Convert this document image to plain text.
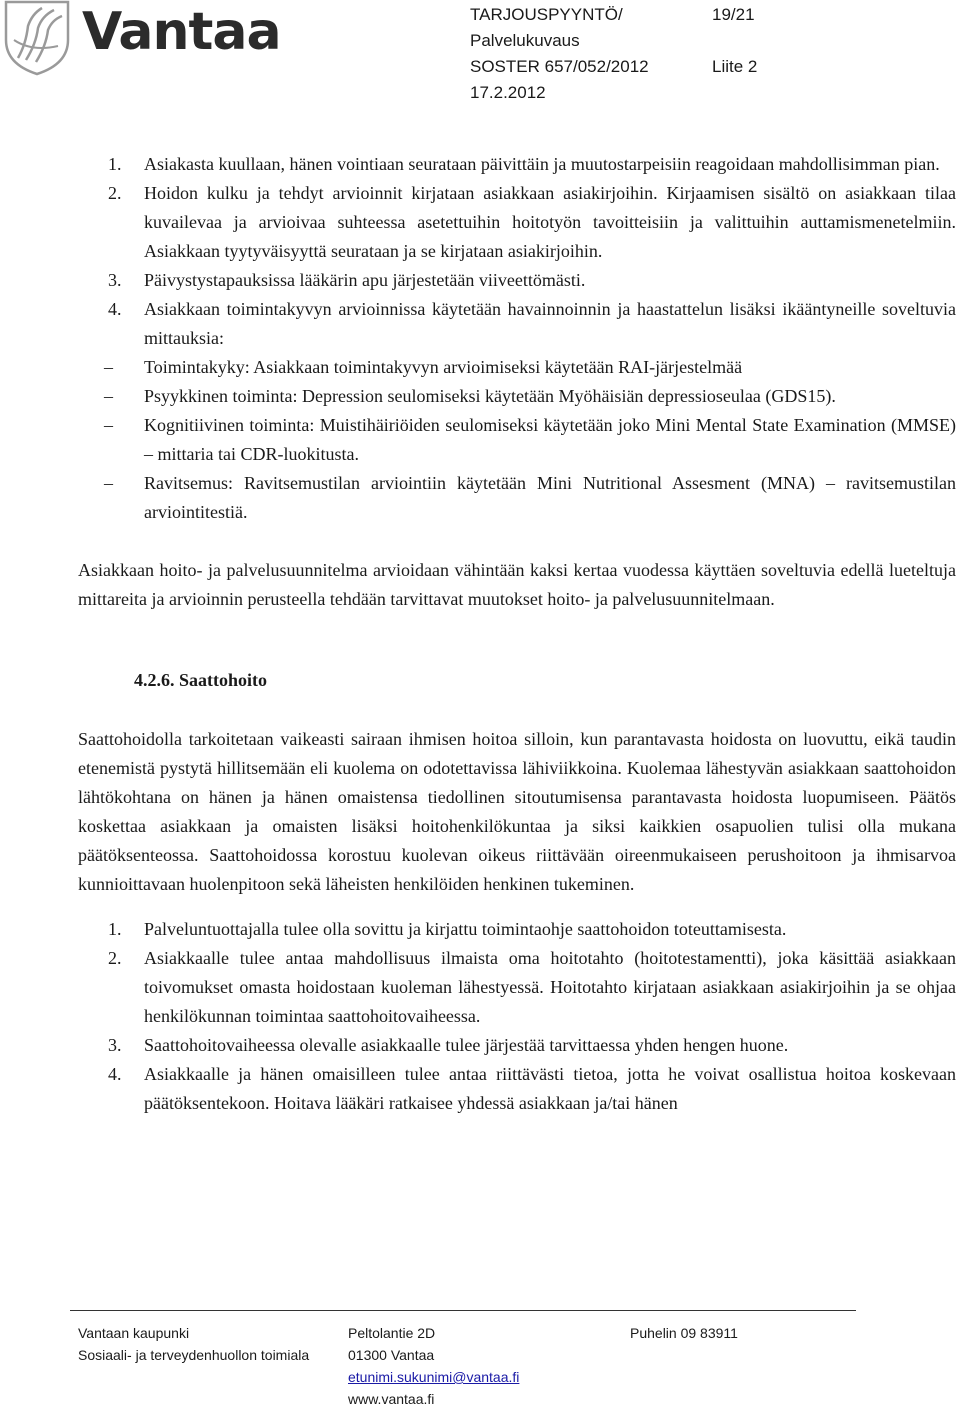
Vantaa	TARJOUSPYYNTÖ/	19/21
Palvelukuvaus
SOSTER 657/052/2012	Liite 2
17.2.2012
1. Asiakasta kuullaan, hänen vointiaan seurataan päivittäin ja muutostarpeisiin reagoidaan mahdollisimman pian.
2. Hoidon kulku ja tehdyt arvioinnit kirjataan asiakkaan asiakirjoihin. Kirjaamisen sisältö on asiakkaan tilaa kuvailevaa ja arvioivaa suhteessa asetettuihin hoitotyön tavoitteisiin ja valittuihin auttamismenetelmiin. Asiakkaan tyytyväisyyttä seurataan ja se kirjataan asiakirjoihin.
3. Päivystystapauksissa lääkärin apu järjestetään viiveettömästi.
4. Asiakkaan toimintakyvyn arvioinnissa käytetään havainnoinnin ja haastattelun lisäksi ikääntyneille soveltuvia mittauksia:
– Toimintakyky: Asiakkaan toimintakyvyn arvioimiseksi käytetään RAI-järjestelmää
– Psyykkinen toiminta: Depression seulomiseksi käytetään Myöhäisiän depressioseulaa (GDS15).
– Kognitiivinen toiminta: Muistihäiriöiden seulomiseksi käytetään joko Mini Mental State Examination (MMSE) – mittaria tai CDR-luokitusta.
– Ravitsemus: Ravitsemustilan arviointiin käytetään Mini Nutritional Assesment (MNA) – ravitsemustilan arviointitestiä.

Asiakkaan hoito- ja palvelusuunnitelma arvioidaan vähintään kaksi kertaa vuodessa käyttäen soveltuvia edellä lueteltuja mittareita ja arvioinnin perusteella tehdään tarvittavat muutokset hoito- ja palvelusuunnitelmaan.

4.2.6. Saattohoito

Saattohoidolla tarkoitetaan vaikeasti sairaan ihmisen hoitoa silloin, kun parantavasta hoidosta on luovuttu, eikä taudin etenemistä pystytä hillitsemään eli kuolema on odotettavissa lähiviikkoina. Kuolemaa lähestyvän asiakkaan saattohoidon lähtökohtana on hänen ja hänen omaistensa tiedollinen sitoutumisensa parantavasta hoidosta luopumiseen. Päätös koskettaa asiakkaan ja omaisten lisäksi hoitohenkilökuntaa ja siksi kaikkien osapuolien tulisi olla mukana päätöksenteossa. Saattohoidossa korostuu kuolevan oikeus riittävään oireenmukaiseen perushoitoon ja ihmisarvoa kunnioittavaan huolenpitoon sekä läheisten henkilöiden henkinen tukeminen.

1. Palveluntuottajalla tulee olla sovittu ja kirjattu toimintaohje saattohoidon toteuttamisesta.
2. Asiakkaalle tulee antaa mahdollisuus ilmaista oma hoitotahto (hoitotestamentti), joka käsittää asiakkaan toivomukset omasta hoidostaan kuoleman lähestyessä. Hoitotahto kirjataan asiakkaan asiakirjoihin ja se ohjaa henkilökunnan toimintaa saattohoitovaiheessa.
3. Saattohoitovaiheessa olevalle asiakkaalle tulee järjestää tarvittaessa yhden hengen huone.
4. Asiakkaalle ja hänen omaisilleen tulee antaa riittävästi tietoa, jotta he voivat osallistua hoitoa koskevaan päätöksentekoon. Hoitava lääkäri ratkaisee yhdessä asiakkaan ja/tai hänen
Vantaan kaupunki
Sosiaali- ja terveydenhuollon toimiala
Peltolantie 2D
01300 Vantaa
etunimi.sukunimi@vantaa.fi
www.vantaa.fi
Puhelin 09 83911
